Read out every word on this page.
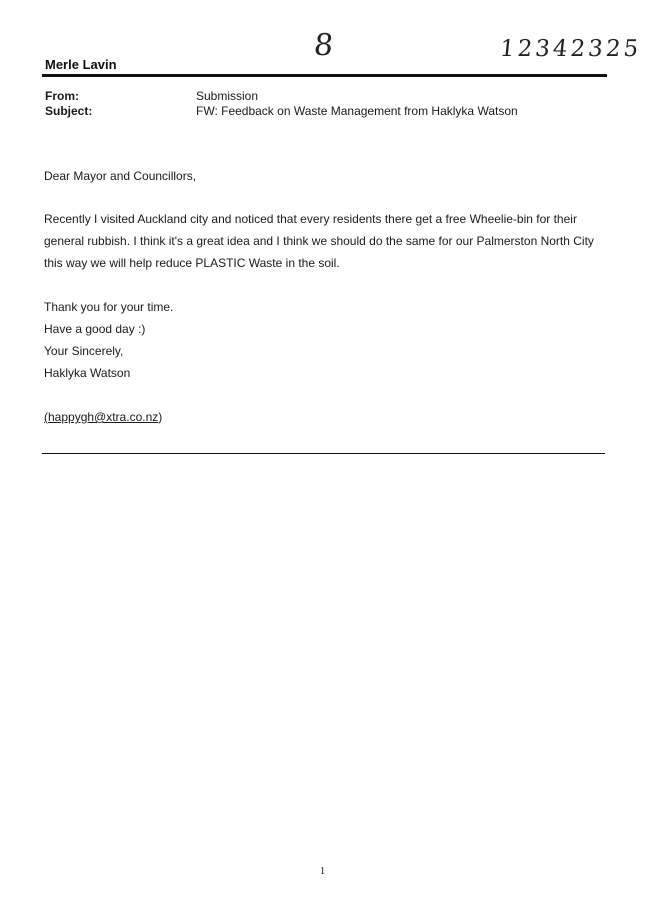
8	12342325
Merle Lavin
From:	Submission
Subject:	FW: Feedback on Waste Management from Haklyka Watson
Dear Mayor and Councillors,
Recently I visited Auckland city and noticed that every residents there get a free Wheelie-bin for their general rubbish. I think it's a great idea and I think we should do the same for our Palmerston North City this way we will help reduce PLASTIC Waste in the soil.
Thank you for your time.
Have a good day :)
Your Sincerely,
Haklyka Watson
(happygh@xtra.co.nz)
1
